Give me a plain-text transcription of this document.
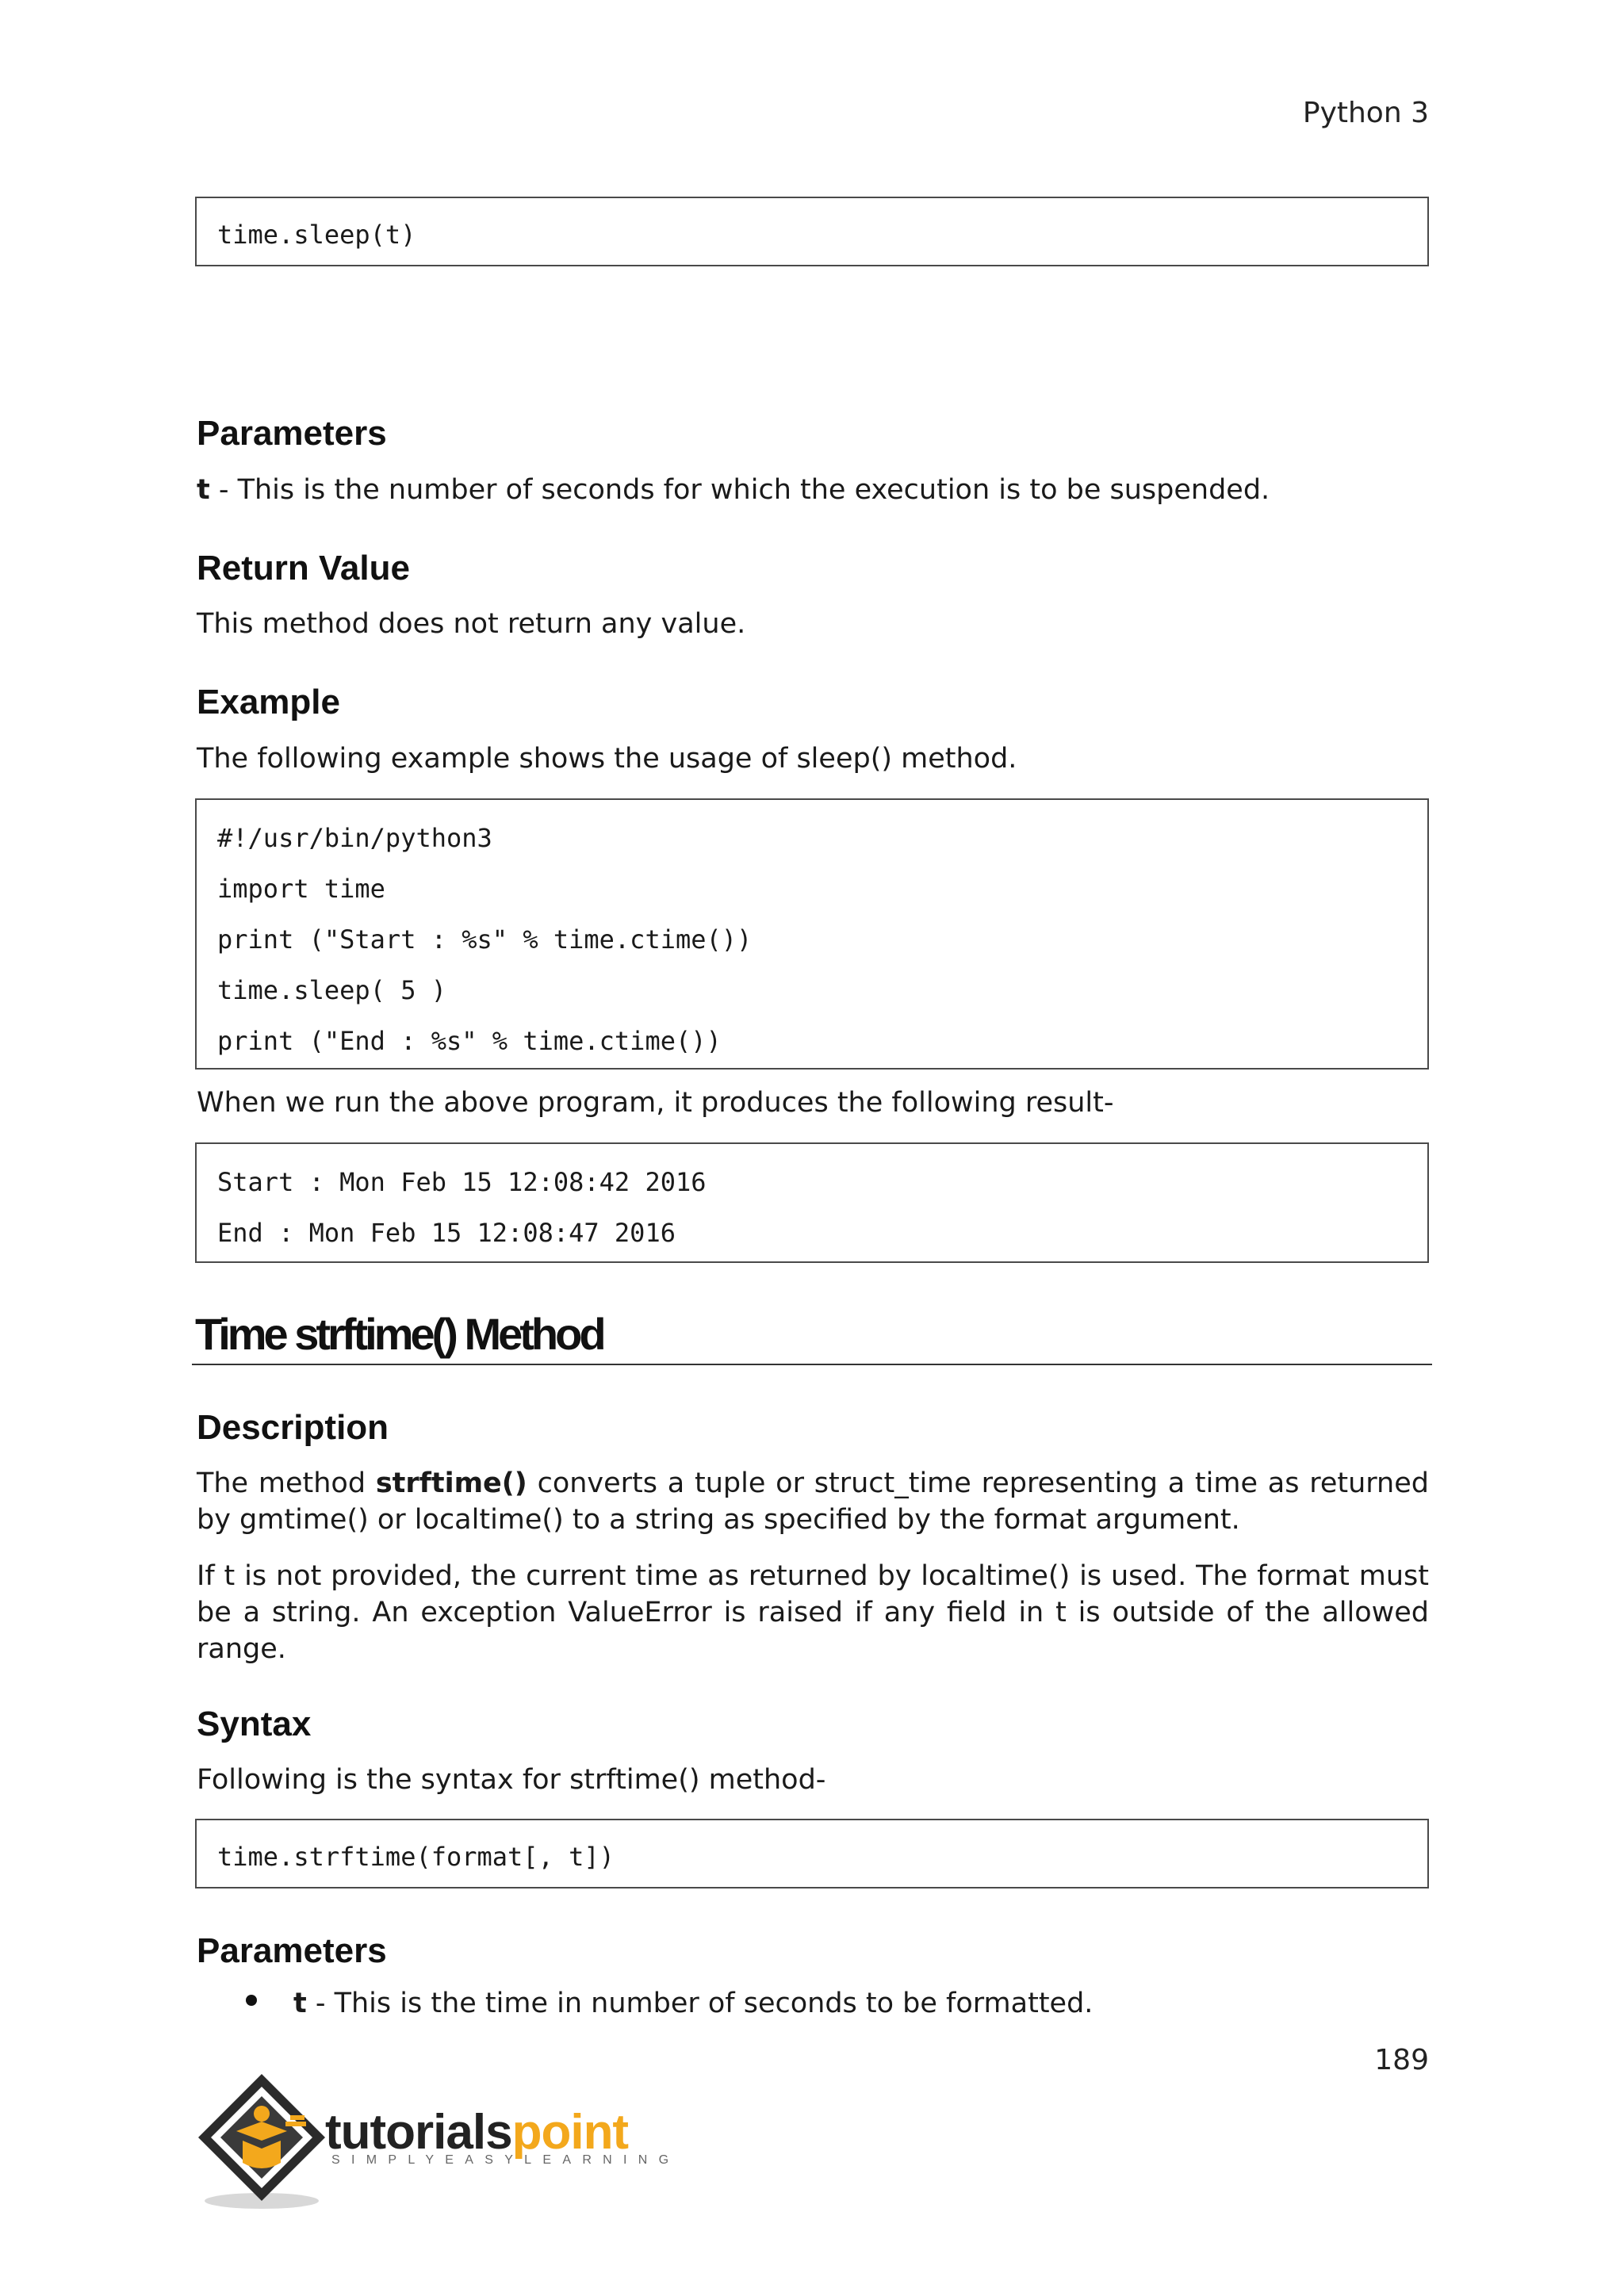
Python 3
time.sleep(t)
Parameters
t - This is the number of seconds for which the execution is to be suspended.
Return Value
This method does not return any value.
Example
The following example shows the usage of sleep() method.
#!/usr/bin/python3
import time
print ("Start : %s" % time.ctime())
time.sleep( 5 )
print ("End : %s" % time.ctime())
When we run the above program, it produces the following result-
Start : Mon Feb 15 12:08:42 2016
End : Mon Feb 15 12:08:47 2016
Time strftime() Method
Description
The method strftime() converts a tuple or struct_time representing a time as returned by gmtime() or localtime() to a string as specified by the format argument.
If t is not provided, the current time as returned by localtime() is used. The format must be a string. An exception ValueError is raised if any field in t is outside of the allowed range.
Syntax
Following is the syntax for strftime() method-
time.strftime(format[, t])
Parameters
t - This is the time in number of seconds to be formatted.
189
tutorialspoint
SIMPLYEASYLEARNING
